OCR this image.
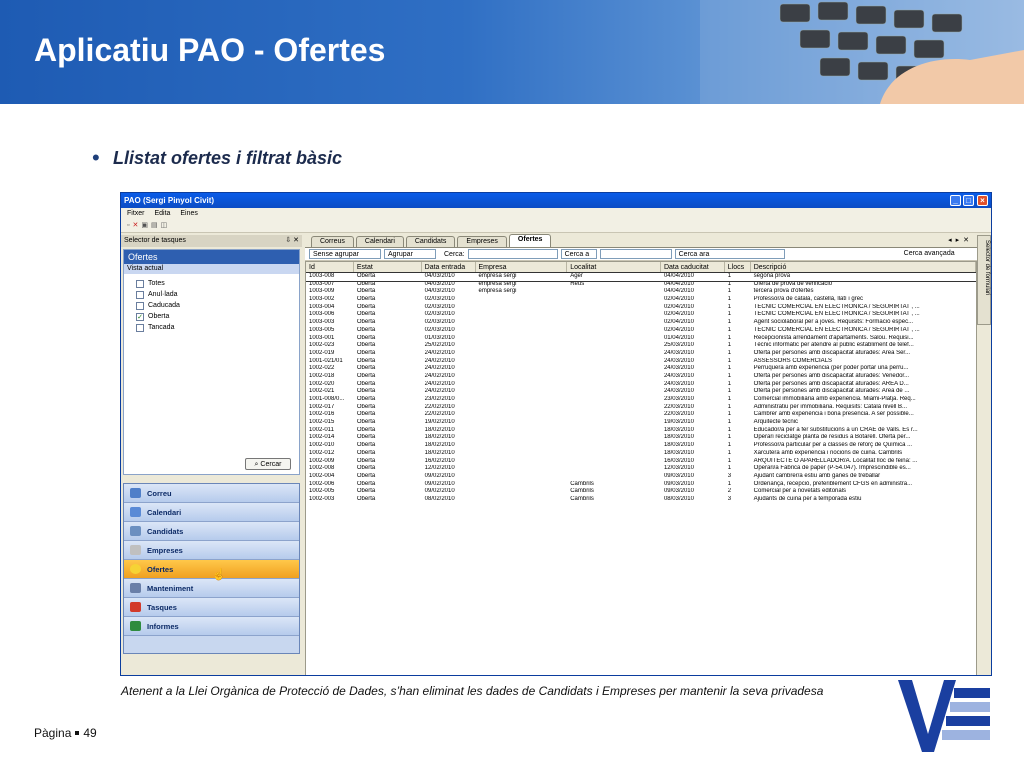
Aplicatiu PAO - Ofertes
• Llistat ofertes i filtrat bàsic
PAO (Sergi Pinyol Civit)	_	□	×
Fitxer Edita Eines
▫✕▣▤◫
Selector de tasques	⇩ ✕
Ofertes
Vista actual
Totes
Anul·lada
Caducada
✓ Oberta
Tancada
⌕ Cercar
Correu
Calendari
Candidats
Empreses
Ofertes	☝
Manteniment
Tasques
Informes
Correus	Calendari	Candidats	Empreses	Ofertes	◂▸✕
Sense agrupar	Agrupar	Cerca:	Cerca a	Cerca ara	Cerca avançada
Id	Estat	Data entrada	Empresa	Localitat	Data caducitat	Llocs	Descripció
1003-008	Oberta	04/03/2010	empresa sergi	Ager	04/04/2010	1	segona prova
1003-007	Oberta	04/03/2010	empresa sergi	Reus	04/04/2010	1	Oferta de prova de verificació
1003-009	Oberta	04/03/2010	empresa sergi	04/04/2010	1	tercera prova d'ofertes
1003-002	Oberta	02/03/2010	02/04/2010	1	Professor/a de català, castellà, llatí i grec
1003-004	Oberta	02/03/2010	02/04/2010	1	TECNIC COMERCIAL EN ELECTRONICA / SEGURIRTAT , ...
1003-006	Oberta	02/03/2010	02/04/2010	1	TECNIC COMERCIAL EN ELECTRONICA / SEGURIRTAT , ...
1003-003	Oberta	02/03/2010	02/04/2010	1	Agent sociolaboral per a joves. Requisits: Formació espec...
1003-005	Oberta	02/03/2010	02/04/2010	1	TECNIC COMERCIAL EN ELECTRONICA / SEGURIRTAT , ...
1003-001	Oberta	01/03/2010	01/04/2010	1	Recepcionista arrendament d'apartaments. Salou. Requisi...
1002-023	Oberta	25/02/2010	25/03/2010	1	Tècnic informàtic per atendre al públic establiment de telef...
1002-019	Oberta	24/02/2010	24/03/2010	1	Oferta per persones amb discapacitat aturades: Area Ser...
1001-021/01	Oberta	24/02/2010	24/03/2010	1	ASSESSORS COMERCIALS
1002-022	Oberta	24/02/2010	24/03/2010	1	Perruquera amb experiència (per poder portar una perru...
1002-018	Oberta	24/02/2010	24/03/2010	1	Oferta per persones amb discapacitat aturades: Venedor...
1002-020	Oberta	24/02/2010	24/03/2010	1	Oferta per persones amb discapacitat aturades: AREA D...
1002-021	Oberta	24/02/2010	24/03/2010	1	Oferta per persones amb discapacitat aturades: Area de ...
1001-008/0...	Oberta	23/02/2010	23/03/2010	1	Comercial immobiliària amb experiència. Miami-Platja. Req...
1002-017	Oberta	22/02/2010	22/03/2010	1	Administratiu per immobiliària. Requisits: Català nivell B...
1002-016	Oberta	22/02/2010	22/03/2010	1	Cambrer amb experiència i bona presència. A ser possible...
1002-015	Oberta	19/02/2010	19/03/2010	1	Arquitecte tècnic
1002-011	Oberta	18/02/2010	18/03/2010	1	Educador/a per a fer substitucions a un CRAE de Valls. Es r...
1002-014	Oberta	18/02/2010	18/03/2010	1	Operari reciclatge planta de residus a Botarell. Oferta per...
1002-010	Oberta	18/02/2010	18/03/2010	1	Professor/a particular per a classes de reforç de Química ...
1002-012	Oberta	18/02/2010	18/03/2010	1	Xarcutera amb experiència i nocions de cuina. Cambrils
1002-009	Oberta	16/02/2010	16/03/2010	1	ARQUITECTE O APARELLADOR/A. Localitat lloc de feina: ...
1002-008	Oberta	12/02/2010	12/03/2010	1	Operari/a Fàbrica de paper (P-54.047). Imprescindible es...
1002-004	Oberta	09/02/2010	09/03/2010	3	Ajudant cambrer/a estiu amb ganes de treballar
1002-006	Oberta	09/02/2010	Cambrils	09/03/2010	1	Ordenança, recepció, preferiblement CFGS en administra...
1002-005	Oberta	09/02/2010	Cambrils	09/03/2010	2	Comercial per a novetats editorials
1002-003	Oberta	08/02/2010	Cambrils	08/03/2010	3	Ajudants de cuina per a temporada estiu
Selector de formulari
Atenent a la Llei Orgànica de Protecció de Dades, s’han eliminat les dades de Candidats i Empreses per mantenir la seva privadesa
Pàgina 49
